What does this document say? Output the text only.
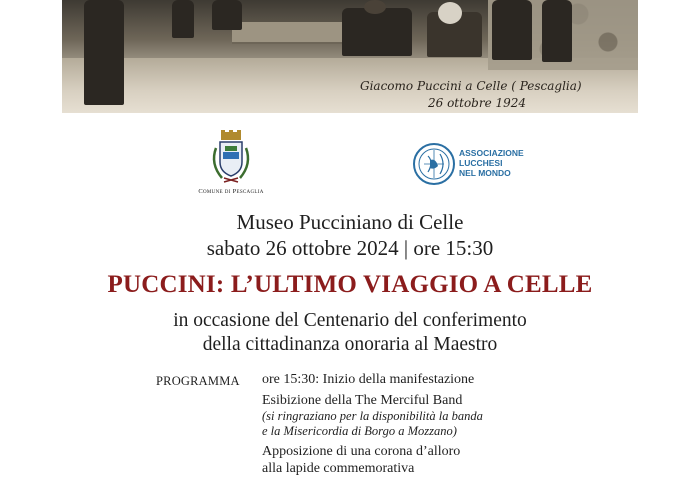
Giacomo Puccini a Celle ( Pescaglia)
26 ottobre 1924
Comune di Pescaglia
ASSOCIAZIONE
LUCCHESI
NEL MONDO
Museo Pucciniano di Celle
sabato 26 ottobre 2024 | ore 15:30
PUCCINI: L’ULTIMO VIAGGIO A CELLE
in occasione del Centenario del conferimento
della cittadinanza onoraria al Maestro
PROGRAMMA ore 15:30: Inizio della manifestazione

Esibizione della The Merciful Band
(si ringraziano per la disponibilità la banda
e la Misericordia di Borgo a Mozzano)

Apposizione di una corona d’alloro
alla lapide commemorativa
